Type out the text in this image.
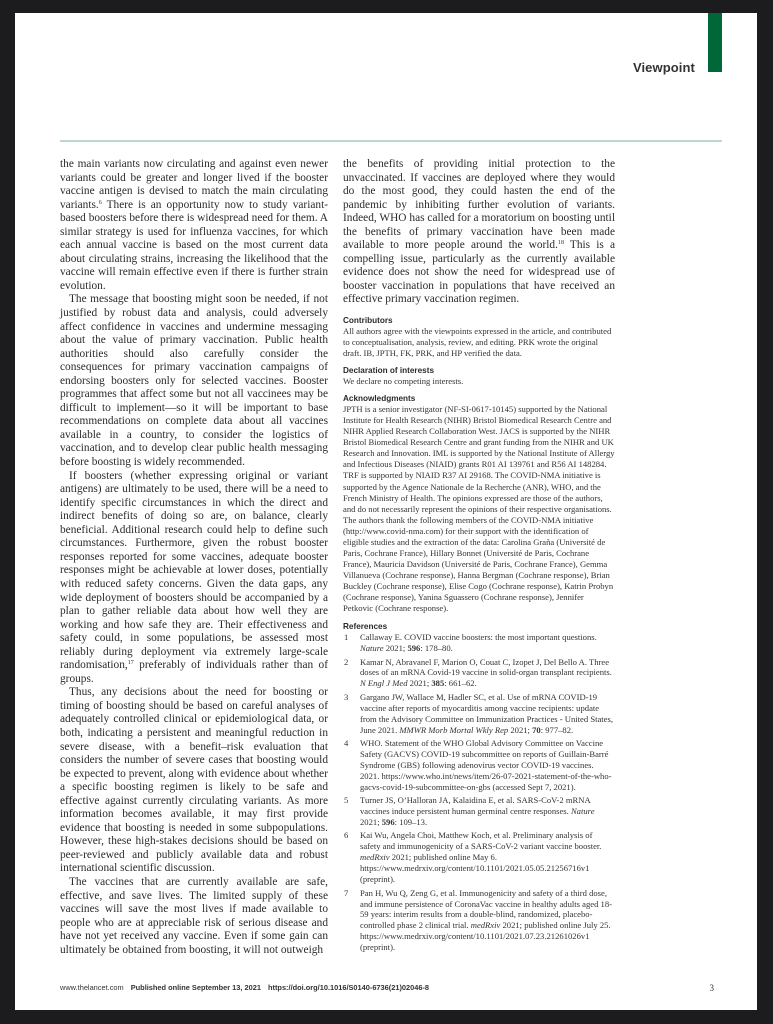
Viewpoint

the main variants now circulating and against even newer variants could be greater and longer lived if the booster vaccine antigen is devised to match the main circulating variants.$^6$ There is an opportunity now to study variant-based boosters before there is widespread need for them. A similar strategy is used for influenza vaccines, for which each annual vaccine is based on the most current data about circulating strains, increasing the likelihood that the vaccine will remain effective even if there is further strain evolution.

The message that boosting might soon be needed, if not justified by robust data and analysis, could adversely affect confidence in vaccines and undermine messaging about the value of primary vaccination. Public health authorities should also carefully consider the consequences for primary vaccination campaigns of endorsing boosters only for selected vaccines. Booster programmes that affect some but not all vaccinees may be difficult to implement—so it will be important to base recommendations on complete data about all vaccines available in a country, to consider the logistics of vaccination, and to develop clear public health messaging before boosting is widely recommended.

If boosters (whether expressing original or variant antigens) are ultimately to be used, there will be a need to identify specific circumstances in which the direct and indirect benefits of doing so are, on balance, clearly beneficial. Additional research could help to define such circumstances. Furthermore, given the robust booster responses reported for some vaccines, adequate booster responses might be achievable at lower doses, potentially with reduced safety concerns. Given the data gaps, any wide deployment of boosters should be accompanied by a plan to gather reliable data about how well they are working and how safe they are. Their effectiveness and safety could, in some populations, be assessed most reliably during deployment via extremely large-scale randomisation,$^{17}$ preferably of individuals rather than of groups.

Thus, any decisions about the need for boosting or timing of boosting should be based on careful analyses of adequately controlled clinical or epidemiological data, or both, indicating a persistent and meaningful reduction in severe disease, with a benefit–risk evaluation that considers the number of severe cases that boosting would be expected to prevent, along with evidence about whether a specific boosting regimen is likely to be safe and effective against currently circulating variants. As more information becomes available, it may first provide evidence that boosting is needed in some subpopulations. However, these high-stakes decisions should be based on peer-reviewed and publicly available data and robust international scientific discussion.

The vaccines that are currently available are safe, effective, and save lives. The limited supply of these vaccines will save the most lives if made available to people who are at appreciable risk of serious disease and have not yet received any vaccine. Even if some gain can ultimately be obtained from boosting, it will not outweigh

the benefits of providing initial protection to the unvaccinated. If vaccines are deployed where they would do the most good, they could hasten the end of the pandemic by inhibiting further evolution of variants. Indeed, WHO has called for a moratorium on boosting until the benefits of primary vaccination have been made available to more people around the world.$^{18}$ This is a compelling issue, particularly as the currently available evidence does not show the need for widespread use of booster vaccination in populations that have received an effective primary vaccination regimen.

Contributors

All authors agree with the viewpoints expressed in the article, and contributed to conceptualisation, analysis, review, and editing. PRK wrote the original draft. IB, JPTH, FK, PRK, and HP verified the data.

Declaration of interests

We declare no competing interests.

Acknowledgments

JPTH is a senior investigator (NF-SI-0617-10145) supported by the National Institute for Health Research (NIHR) Bristol Biomedical Research Centre and NIHR Applied Research Collaboration West. JACS is supported by the NIHR Bristol Biomedical Research Centre and grant funding from the NIHR and UK Research and Innovation. IML is supported by the National Institute of Allergy and Infectious Diseases (NIAID) grants R01 AI 139761 and R56 AI 148284. TRF is supported by NIAID R37 AI 29168. The COVID-NMA initiative is supported by the Agence Nationale de la Recherche (ANR), WHO, and the French Ministry of Health. The opinions expressed are those of the authors, and do not necessarily represent the opinions of their respective organisations.

The authors thank the following members of the COVID-NMA initiative (http://www.covid-nma.com) for their support with the identification of eligible studies and the extraction of the data: Carolina Graña (Université de Paris, Cochrane France), Hillary Bonnet (Université de Paris, Cochrane France), Mauricia Davidson (Université de Paris, Cochrane France), Gemma Villanueva (Cochrane response), Hanna Bergman (Cochrane response), Brian Buckley (Cochrane response), Elise Cogo (Cochrane response), Katrin Probyn (Cochrane response), Yanina Sguassero (Cochrane response), Jennifer Petkovic (Cochrane response).

References
1 Callaway E. COVID vaccine boosters: the most important questions. Nature 2021; 596: 178–80.
2 Kamar N, Abravanel F, Marion O, Couat C, Izopet J, Del Bello A. Three doses of an mRNA Covid-19 vaccine in solid-organ transplant recipients. N Engl J Med 2021; 385: 661–62.
3 Gargano JW, Wallace M, Hadler SC, et al. Use of mRNA COVID-19 vaccine after reports of myocarditis among vaccine recipients: update from the Advisory Committee on Immunization Practices - United States, June 2021. MMWR Morb Mortal Wkly Rep 2021; 70: 977–82.
4 WHO. Statement of the WHO Global Advisory Committee on Vaccine Safety (GACVS) COVID-19 subcommittee on reports of Guillain-Barré Syndrome (GBS) following adenovirus vector COVID-19 vaccines. 2021. https://www.who.int/news/item/26-07-2021-statement-of-the-who-gacvs-covid-19-subcommittee-on-gbs (accessed Sept 7, 2021).
5 Turner JS, O’Halloran JA, Kalaidina E, et al. SARS-CoV-2 mRNA vaccines induce persistent human germinal centre responses. Nature 2021; 596: 109–13.
6 Kai Wu, Angela Choi, Matthew Koch, et al. Preliminary analysis of safety and immunogenicity of a SARS-CoV-2 variant vaccine booster. medRxiv 2021; published online May 6. https://www.medrxiv.org/content/10.1101/2021.05.05.21256716v1 (preprint).
7 Pan H, Wu Q, Zeng G, et al. Immunogenicity and safety of a third dose, and immune persistence of CoronaVac vaccine in healthy adults aged 18-59 years: interim results from a double-blind, randomized, placebo-controlled phase 2 clinical trial. medRxiv 2021; published online July 25. https://www.medrxiv.org/content/10.1101/2021.07.23.21261026v1 (preprint).
www.thelancet.com Published online September 13, 2021 https://doi.org/10.1016/S0140-6736(21)02046-8	3
